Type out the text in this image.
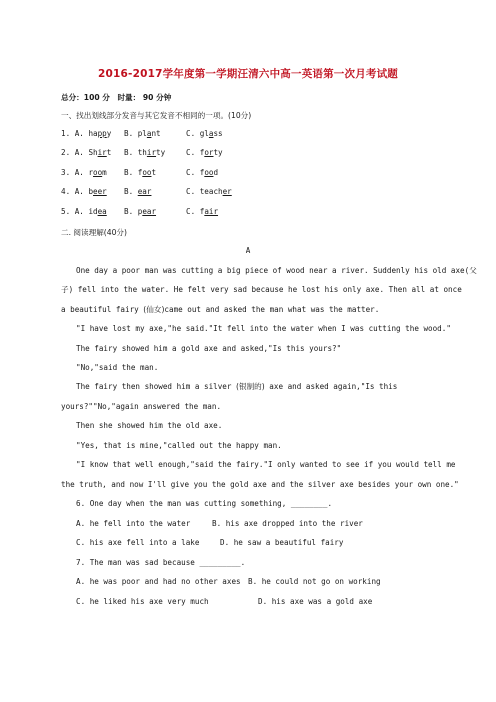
2016-2017学年度第一学期汪清六中高一英语第一次月考试题
总分：100 分　时量： 90 分钟
一、找出划线部分发音与其它发音不相同的一项。(10分)
1. A. happy B. plant	C. glass
2. A. Shirt B. thirty	C. forty
3. A. room B. foot	C. food
4. A. beer B. ear	C. teacher
5. A. idea B. pear	C. fair
二. 阅读理解(40分)
A
One day a poor man was cutting a big piece of wood near a river. Suddenly his old axe(父
子) fell into the water. He felt very sad because he lost his only axe. Then all at once
a beautiful fairy (仙女)came out and asked the man what was the matter.
"I have lost my axe,"he said."It fell into the water when I was cutting the wood."
The fairy showed him a gold axe and asked,"Is this yours?"
"No,"said the man.
The fairy then showed him a silver (银制的) axe and asked again,"Is this
yours?""No,"again answered the man.
Then she showed him the old axe.
"Yes, that is mine,"called out the happy man.
"I know that well enough,"said the fairy."I only wanted to see if you would tell me
the truth, and now I'll give you the gold axe and the silver axe besides your own one."
6. One day when the man was cutting something, ________.
A. he fell into the water	B. his axe dropped into the river
C. his axe fell into a lake	D. he saw a beautiful fairy
7. The man was sad because _________.
A. he was poor and had no other axes B. he could not go on working
C. he liked his axe very much	D. his axe was a gold axe
